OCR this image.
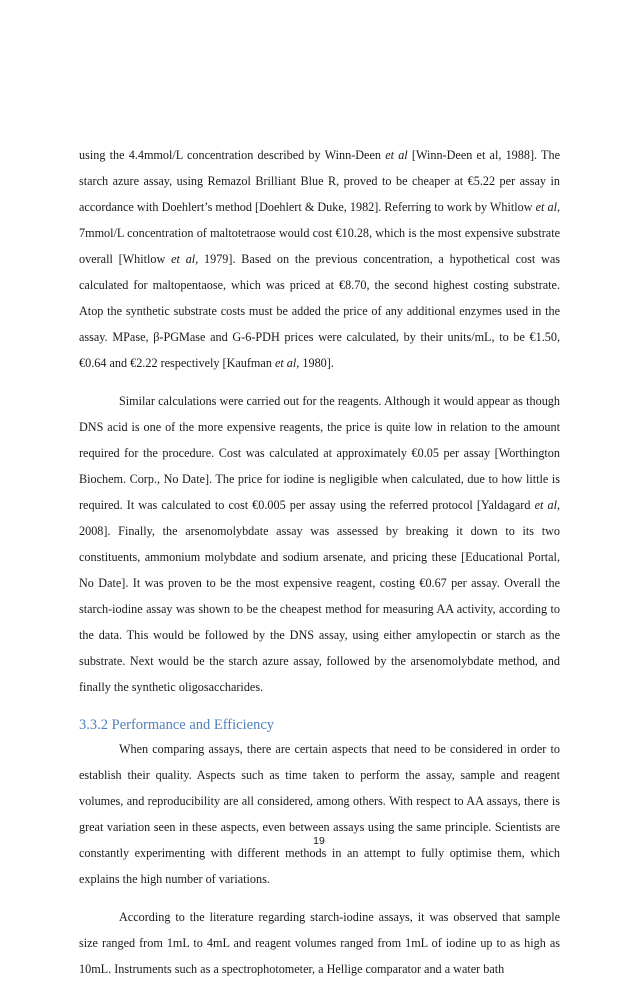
using the 4.4mmol/L concentration described by Winn-Deen et al [Winn-Deen et al, 1988]. The starch azure assay, using Remazol Brilliant Blue R, proved to be cheaper at €5.22 per assay in accordance with Doehlert’s method [Doehlert & Duke, 1982]. Referring to work by Whitlow et al, 7mmol/L concentration of maltotetraose would cost €10.28, which is the most expensive substrate overall [Whitlow et al, 1979]. Based on the previous concentration, a hypothetical cost was calculated for maltopentaose, which was priced at €8.70, the second highest costing substrate. Atop the synthetic substrate costs must be added the price of any additional enzymes used in the assay. MPase, β-PGMase and G-6-PDH prices were calculated, by their units/mL, to be €1.50, €0.64 and €2.22 respectively [Kaufman et al, 1980].

Similar calculations were carried out for the reagents. Although it would appear as though DNS acid is one of the more expensive reagents, the price is quite low in relation to the amount required for the procedure. Cost was calculated at approximately €0.05 per assay [Worthington Biochem. Corp., No Date]. The price for iodine is negligible when calculated, due to how little is required. It was calculated to cost €0.005 per assay using the referred protocol [Yaldagard et al, 2008]. Finally, the arsenomolybdate assay was assessed by breaking it down to its two constituents, ammonium molybdate and sodium arsenate, and pricing these [Educational Portal, No Date]. It was proven to be the most expensive reagent, costing €0.67 per assay. Overall the starch-iodine assay was shown to be the cheapest method for measuring AA activity, according to the data. This would be followed by the DNS assay, using either amylopectin or starch as the substrate. Next would be the starch azure assay, followed by the arsenomolybdate method, and finally the synthetic oligosaccharides.

3.3.2 Performance and Efficiency

When comparing assays, there are certain aspects that need to be considered in order to establish their quality. Aspects such as time taken to perform the assay, sample and reagent volumes, and reproducibility are all considered, among others. With respect to AA assays, there is great variation seen in these aspects, even between assays using the same principle. Scientists are constantly experimenting with different methods in an attempt to fully optimise them, which explains the high number of variations.

According to the literature regarding starch-iodine assays, it was observed that sample size ranged from 1mL to 4mL and reagent volumes ranged from 1mL of iodine up to as high as 10mL. Instruments such as a spectrophotometer, a Hellige comparator and a water bath

19
